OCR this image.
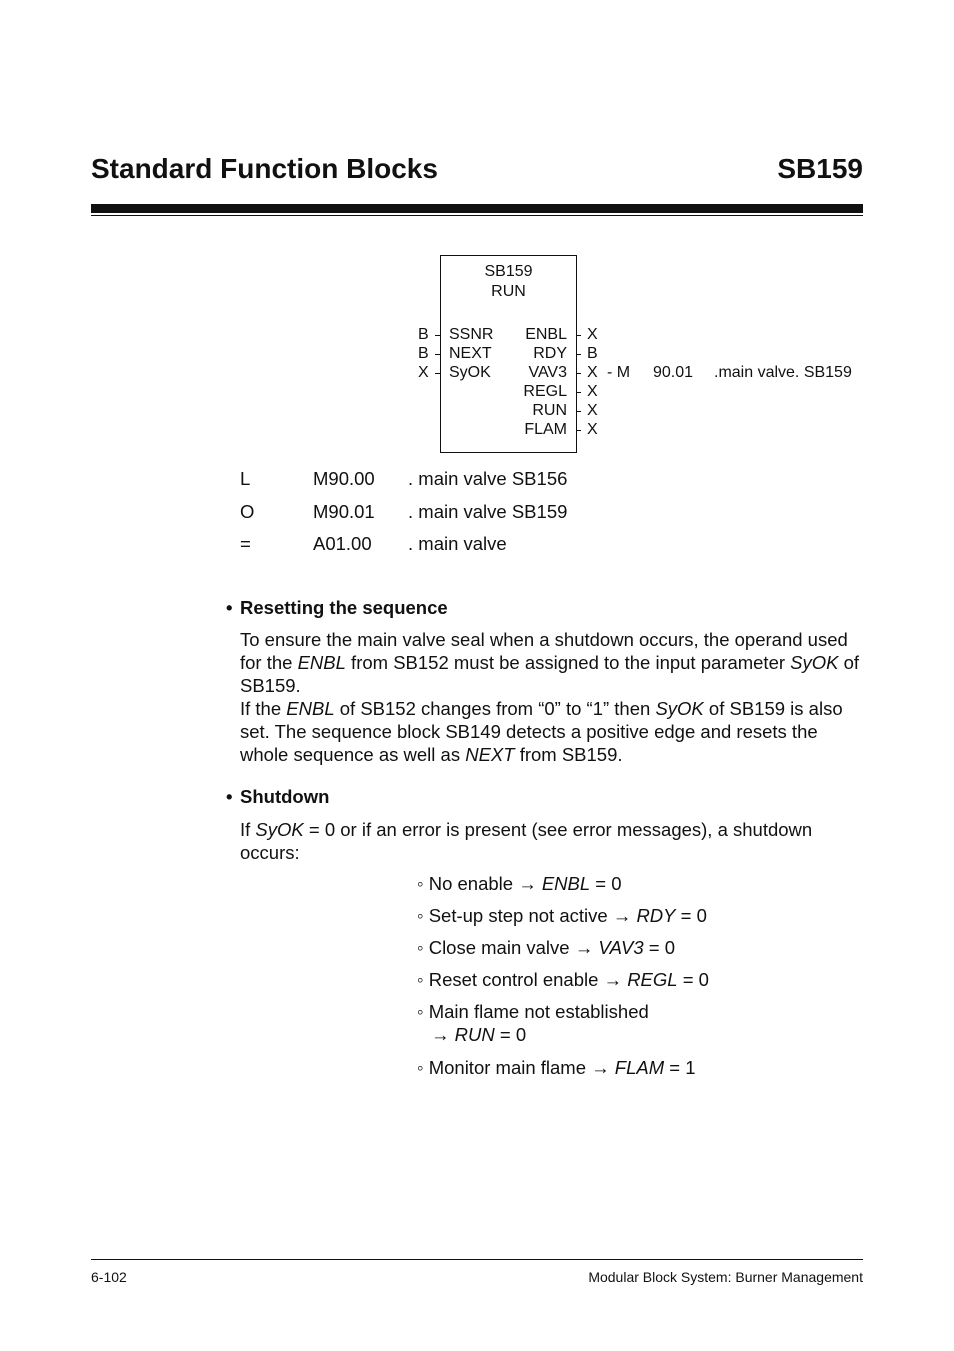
Standard Function Blocks	SB159
SB159
RUN
B SSNR
B NEXT
X SyOK
ENBL X
RDY B
VAV3 X - M 90.01 .main valve. SB159
REGL X
RUN X
FLAM X
L	M90.00 . main valve SB156
O	M90.01 . main valve SB159
=	A01.00 . main valve
• Resetting the sequence
To ensure the main valve seal when a shutdown occurs, the operand used for the ENBL from SB152 must be assigned to the input parameter SyOK of SB159.
If the ENBL of SB152 changes from “0” to “1” then SyOK of SB159 is also set. The sequence block SB149 detects a positive edge and resets the whole sequence as well as NEXT from SB159.
• Shutdown
If SyOK = 0 or if an error is present (see error messages), a shutdown occurs:
◦ No enable → ENBL = 0
◦ Set-up step not active → RDY = 0
◦ Close main valve → VAV3 = 0
◦ Reset control enable → REGL = 0
◦ Main flame not established
→ RUN = 0
◦ Monitor main flame → FLAM = 1
6-102	Modular Block System: Burner Management
